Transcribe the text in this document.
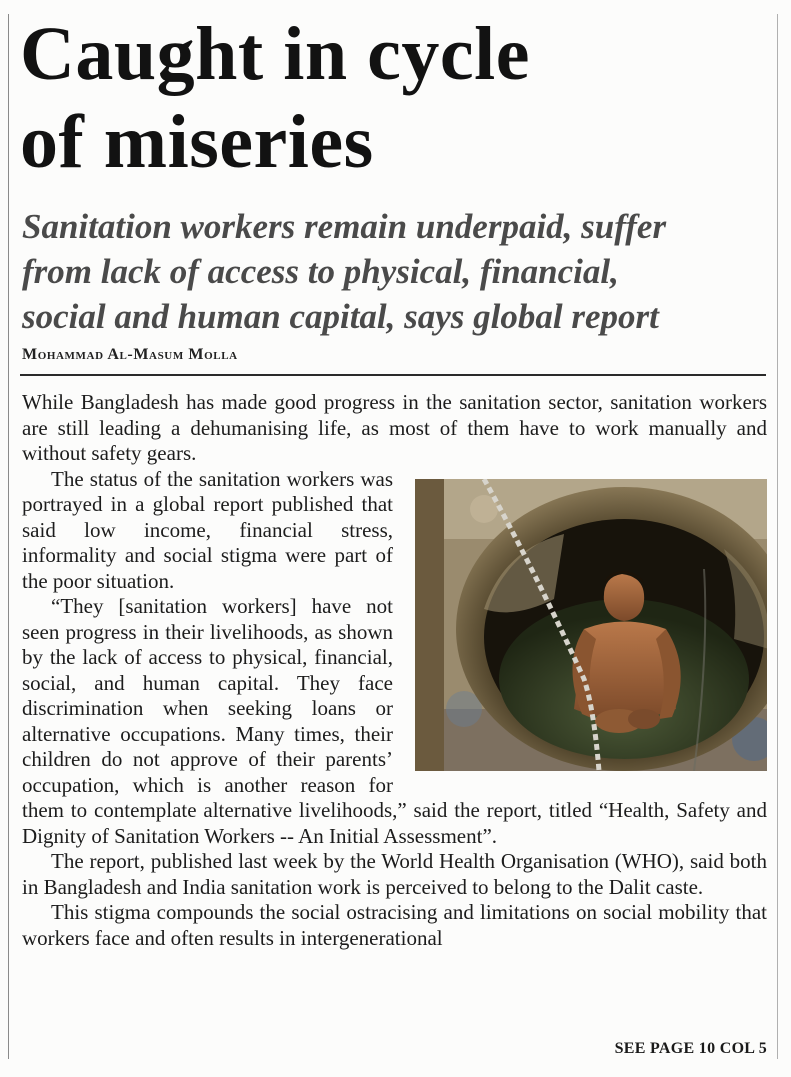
Caught in cycle
of miseries
Sanitation workers remain underpaid, suffer
from lack of access to physical, financial,
social and human capital, says global report
Mohammad Al-Masum Molla

While Bangladesh has made good progress in the sanitation sector, sanitation workers are still leading a dehumanising life, as most of them have to work manually and without safety gears.

The status of the sanitation workers was portrayed in a global report published that said low income, financial stress, informality and social stigma were part of the poor situation.

“They [sanitation workers] have not seen progress in their livelihoods, as shown by the lack of access to physical, financial, social, and human capital. They face discrimination when seeking loans or alternative occupations. Many times, their children do not approve of their parents’ occupation, which is another reason for them to contemplate alternative livelihoods,” said the report, titled “Health, Safety and Dignity of Sanitation Workers -- An Initial Assessment”.

The report, published last week by the World Health Organisation (WHO), said both in Bangladesh and India sanitation work is perceived to belong to the Dalit caste.

This stigma compounds the social ostracising and limitations on social mobility that workers face and often results in intergenerational

SEE PAGE 10 COL 5
